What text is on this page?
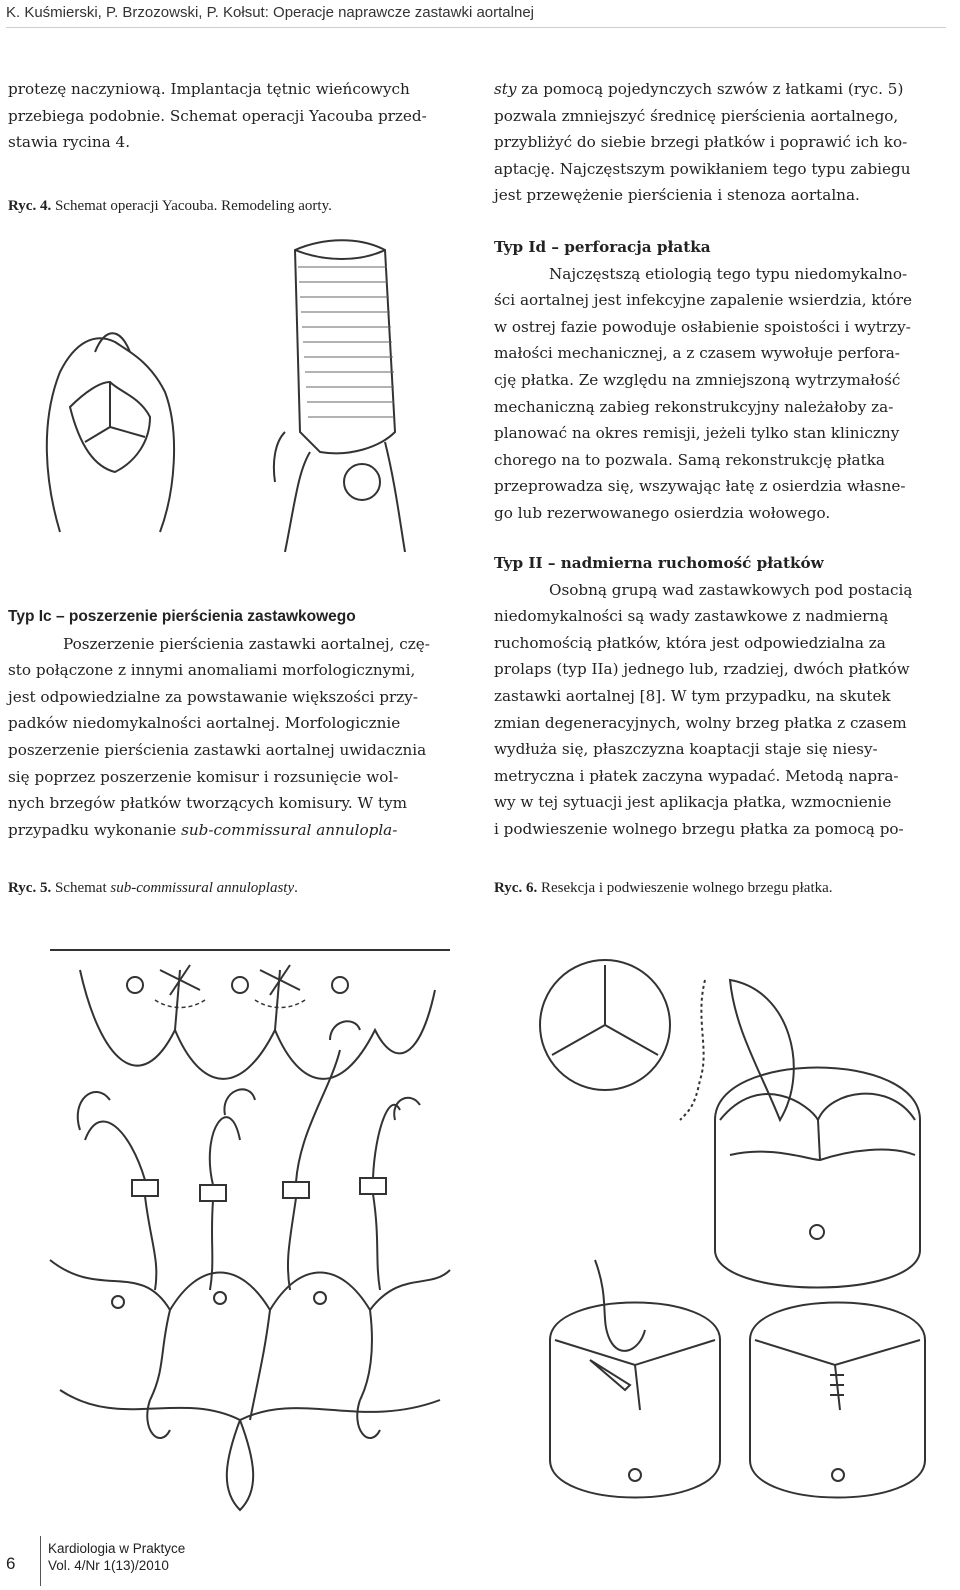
K. Kuśmierski, P. Brzozowski, P. Kołsut: Operacje naprawcze zastawki aortalnej

protezę naczyniową. Implantacja tętnic wieńcowych

przebiega podobnie. Schemat operacji Yacouba przed-

stawia rycina 4.

Ryc. 4. Schemat operacji Yacouba. Remodeling aorty.

sty za pomocą pojedynczych szwów z łatkami (ryc. 5)

pozwala zmniejszyć średnicę pierścienia aortalnego,

przybliżyć do siebie brzegi płatków i poprawić ich ko-

aptację. Najczęstszym powikłaniem tego typu zabiegu

jest przewężenie pierścienia i stenoza aortalna.

Typ Id – perforacja płatka

Najczęstszą etiologią tego typu niedomykalno-

ści aortalnej jest infekcyjne zapalenie wsierdzia, które

w ostrej fazie powoduje osłabienie spoistości i wytrzy-

małości mechanicznej, a z czasem wywołuje perfora-

cję płatka. Ze względu na zmniejszoną wytrzymałość

mechaniczną zabieg rekonstrukcyjny należałoby za-

planować na okres remisji, jeżeli tylko stan kliniczny

chorego na to pozwala. Samą rekonstrukcję płatka

przeprowadza się, wszywając łatę z osierdzia własne-

go lub rezerwowanego osierdzia wołowego.

Typ II – nadmierna ruchomość płatków

Osobną grupą wad zastawkowych pod postacią

niedomykalności są wady zastawkowe z nadmierną

ruchomością płatków, która jest odpowiedzialna za

prolaps (typ IIa) jednego lub, rzadziej, dwóch płatków

zastawki aortalnej [8]. W tym przypadku, na skutek

zmian degeneracyjnych, wolny brzeg płatka z czasem

wydłuża się, płaszczyzna koaptacji staje się niesy-

metryczna i płatek zaczyna wypadać. Metodą napra-

wy w tej sytuacji jest aplikacja płatka, wzmocnienie

i podwieszenie wolnego brzegu płatka za pomocą po-

Typ Ic – poszerzenie pierścienia zastawkowego

Poszerzenie pierścienia zastawki aortalnej, czę-

sto połączone z innymi anomaliami morfologicznymi,

jest odpowiedzialne za powstawanie większości przy-

padków niedomykalności aortalnej. Morfologicznie

poszerzenie pierścienia zastawki aortalnej uwidacznia

się poprzez poszerzenie komisur i rozsunięcie wol-

nych brzegów płatków tworzących komisury. W tym

przypadku wykonanie sub-commissural annulopla-

Ryc. 5. Schemat sub-commissural annuloplasty.	Ryc. 6. Resekcja i podwieszenie wolnego brzegu płatka.
6
Kardiologia w Praktyce
Vol. 4/Nr 1(13)/2010
